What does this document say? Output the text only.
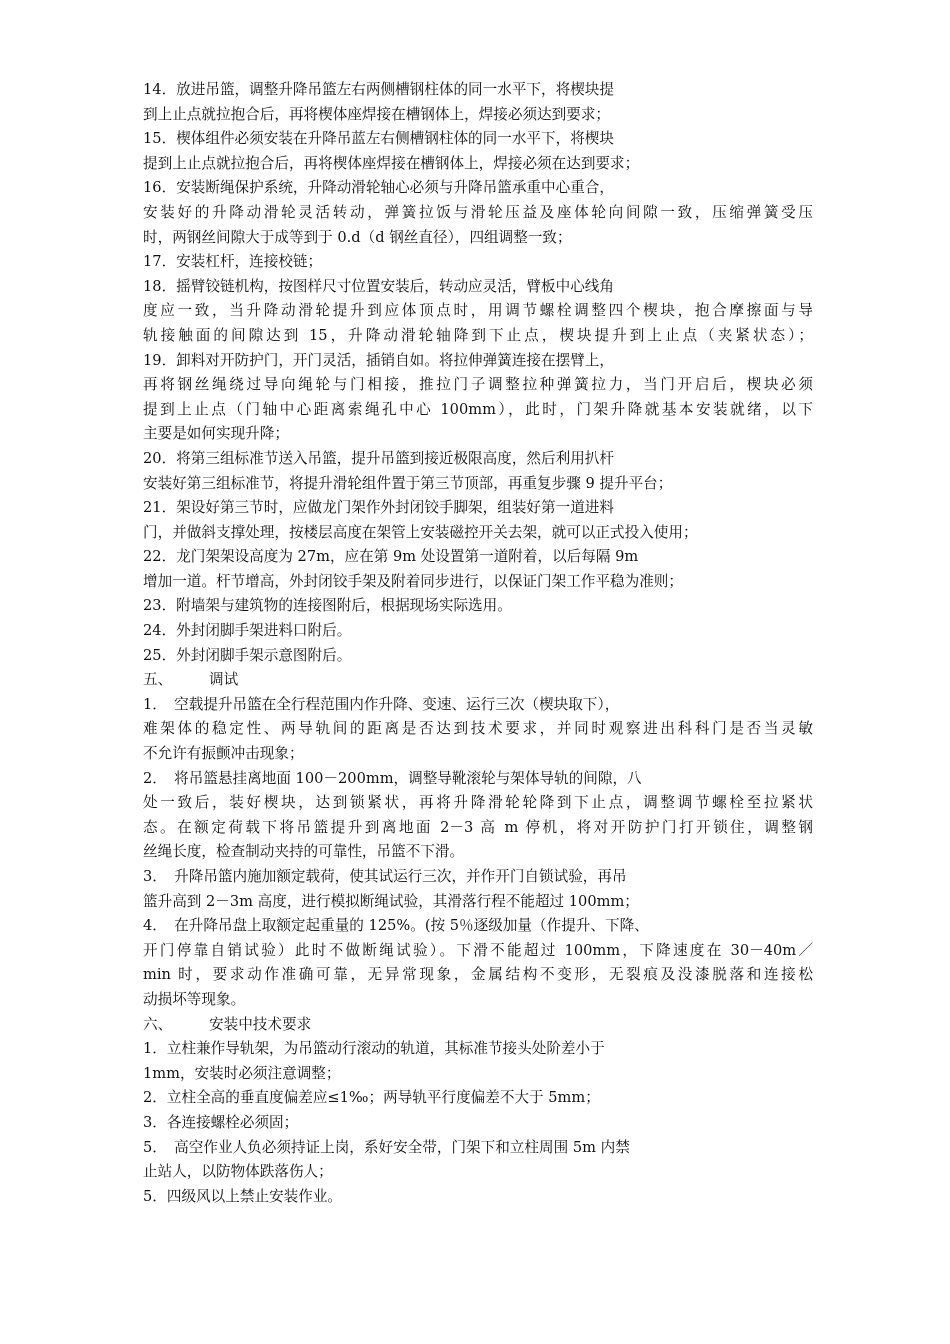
14．放进吊篮，调整升降吊篮左右两侧槽钢柱体的同一水平下，将楔块提
到上止点就拉抱合后，再将楔体座焊接在槽钢体上，焊接必须达到要求；
15．楔体组件必须安装在升降吊蓝左右侧槽钢柱体的同一水平下，将楔块
提到上止点就拉抱合后，再将楔体座焊接在槽钢体上，焊接必须在达到要求；
16．安装断绳保护系统，升降动滑轮轴心必须与升降吊篮承重中心重合，
安装好的升降动滑轮灵活转动，弹簧拉饭与滑轮压益及座体轮向间隙一致，压缩弹簧受压
时，两钢丝间隙大于成等到于 0.d（d 钢丝直径），四组调整一致；
17．安装杠杆，连接校链；
18．摇臂铰链机构，按图样尺寸位置安装后，转动应灵活，臂板中心线角
度应一致，当升降动滑轮提升到应体顶点时，用调节螺栓调整四个楔块，抱合摩擦面与导
轨接触面的间隙达到 15，升降动滑轮轴降到下止点，楔块提升到上止点（夹紧状态）；
19．卸料对开防护门，开门灵活，插销自如。将拉伸弹簧连接在摆臂上，
再将钢丝绳绕过导向绳轮与门相接，推拉门子调整拉种弹簧拉力，当门开启后，楔块必须
提到上止点（门轴中心距离索绳孔中心 100mm），此时，门架升降就基本安装就绪，以下
主要是如何实现升降；
20．将第三组标准节送入吊篮，提升吊篮到接近极限高度，然后利用扒杆
安装好第三组标准节，将提升滑轮组件置于第三节顶部，再重复步骤 9 提升平台；
21．架设好第三节时，应做龙门架作外封闭铰手脚架，组装好第一道进料
门，并做斜支撑处理，按楼层高度在架管上安装磁控开关去架，就可以正式投入使用；
22．龙门架架设高度为 27m，应在第 9m 处设置第一道附着，以后每隔 9m
增加一道。杆节增高，外封闭铰手架及附着同步进行，以保证门架工作平稳为准则；
23．附墙架与建筑物的连接图附后，根据现场实际选用。
24．外封闭脚手架进料口附后。
25．外封闭脚手架示意图附后。
五、	调试
1．　空载提升吊篮在全行程范围内作升降、变速、运行三次（楔块取下），
难架体的稳定性、两导轨间的距离是否达到技术要求，并同时观察进出科科门是否当灵敏
不允许有振颤冲击现象；
2．　将吊篮悬挂离地面 100－200mm，调整导靴滚轮与架体导轨的间隙，八
处一致后，装好楔块，达到锁紧状，再将升降滑轮轮降到下止点，调整调节螺栓至拉紧状
态。在额定荷载下将吊篮提升到离地面 2－3 高 m 停机，将对开防护门打开锁住，调整钢
丝绳长度，检查制动夹持的可靠性，吊篮不下滑。
3．　升降吊篮内施加额定载荷，使其试运行三次，并作开门自锁试验，再吊
篮升高到 2－3m 高度，进行模拟断绳试验，其滑落行程不能超过 100mm；
4．　在升降吊盘上取额定起重量的 125%。(按 5％逐级加量（作提升、下降、
开门停靠自销试验）此时不做断绳试验）。下滑不能超过 100mm，下降速度在 30－40m／
min 时，要求动作准确可靠，无异常现象，金属结构不变形，无裂痕及没漆脱落和连接松
动损坏等现象。
六、	安装中技术要求
1．立柱兼作导轨架，为吊篮动行滚动的轨道，其标准节接头处阶差小于
1mm，安装时必须注意调整；
2．立柱全高的垂直度偏差应≤1‰；两导轨平行度偏差不大于 5mm；
3．各连接螺栓必须固；
5．　高空作业人负必须持证上岗，系好安全带，门架下和立柱周围 5m 内禁
止站人，以防物体跌落伤人；
5．四级风以上禁止安装作业。
